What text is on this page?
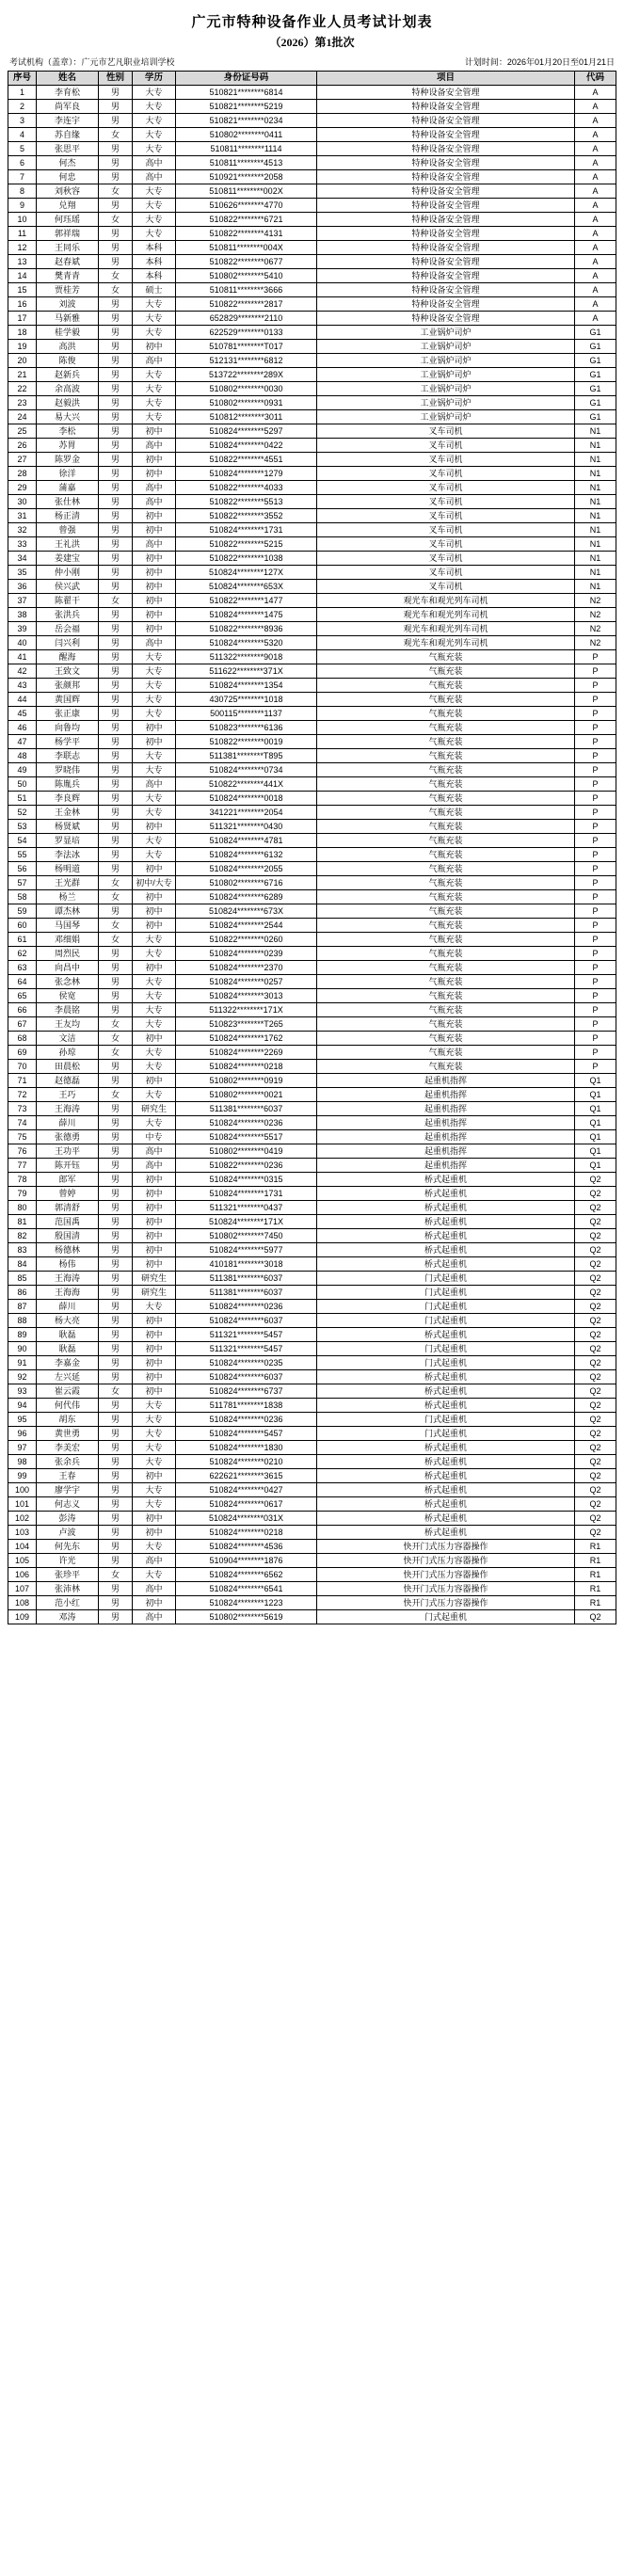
广元市特种设备作业人员考试计划表
（2026）第1批次
考试机构（盖章）：广元市艺凡职业培训学校	计划时间：2026年01月20日至01月21日
序号	姓名	性别	学历	身份证号码	项目	代码
1	李育松	男	大专	510821********6814	特种设备安全管理	A
2	尚军良	男	大专	510821********5219	特种设备安全管理	A
3	李连宇	男	大专	510821********0234	特种设备安全管理	A
4	苏自缘	女	大专	510802********0411	特种设备安全管理	A
5	张思平	男	大专	510811********1114	特种设备安全管理	A
6	何杰	男	高中	510811********4513	特种设备安全管理	A
7	何忠	男	高中	510921********2058	特种设备安全管理	A
8	刘秋容	女	大专	510811********002X	特种设备安全管理	A
9	兑翔	男	大专	510626********4770	特种设备安全管理	A
10	何珏瑶	女	大专	510822********6721	特种设备安全管理	A
11	郭祥瑞	男	大专	510822********4131	特种设备安全管理	A
12	王同乐	男	本科	510811********004X	特种设备安全管理	A
13	赵春斌	男	本科	510822********0677	特种设备安全管理	A
14	樊青青	女	本科	510802********5410	特种设备安全管理	A
15	贾桂芳	女	硕士	510811********3666	特种设备安全管理	A
16	刘波	男	大专	510822********2817	特种设备安全管理	A
17	马新雅	男	大专	652829********2110	特种设备安全管理	A
18	桂学毅	男	大专	622529********0133	工业锅炉司炉	G1
19	高洪	男	初中	510781********T017	工业锅炉司炉	G1
20	陈俊	男	高中	512131********6812	工业锅炉司炉	G1
21	赵新兵	男	大专	513722********289X	工业锅炉司炉	G1
22	余高波	男	大专	510802********0030	工业锅炉司炉	G1
23	赵毅洪	男	大专	510802********0931	工业锅炉司炉	G1
24	易大兴	男	大专	510812********3011	工业锅炉司炉	G1
25	李松	男	初中	510824********5297	叉车司机	N1
26	苏胃	男	高中	510824********0422	叉车司机	N1
27	陈罗金	男	初中	510822********4551	叉车司机	N1
28	徐洋	男	初中	510824********1279	叉车司机	N1
29	蒲嘉	男	高中	510822********4033	叉车司机	N1
30	张仕林	男	高中	510822********5513	叉车司机	N1
31	杨正清	男	初中	510822********3552	叉车司机	N1
32	曾强	男	初中	510824********1731	叉车司机	N1
33	王礼洪	男	高中	510822********5215	叉车司机	N1
34	姜建宝	男	初中	510822********1038	叉车司机	N1
35	仲小刚	男	初中	510824********127X	叉车司机	N1
36	侯兴武	男	初中	510824********653X	叉车司机	N1
37	陈翟干	女	初中	510822********1477	观光车和观光列车司机	N2
38	张洪兵	男	初中	510824********1475	观光车和观光列车司机	N2
39	岳会福	男	初中	510822********8936	观光车和观光列车司机	N2
40	闫兴利	男	高中	510824********5320	观光车和观光列车司机	N2
41	醒海	男	大专	511322********9018	气瓶充装	P
42	王致文	男	大专	511622********371X	气瓶充装	P
43	张颜邦	男	大专	510824********1354	气瓶充装	P
44	黄国辉	男	大专	430725********1018	气瓶充装	P
45	张正康	男	大专	500115********1137	气瓶充装	P
46	向鲁均	男	初中	510823********6136	气瓶充装	P
47	杨学平	男	初中	510822********0019	气瓶充装	P
48	李联志	男	大专	511381********T895	气瓶充装	P
49	罗晓伟	男	大专	510824********0734	气瓶充装	P
50	陈胤兵	男	高中	510822********441X	气瓶充装	P
51	李良辉	男	大专	510824********0018	气瓶充装	P
52	王金林	男	大专	341221********2054	气瓶充装	P
53	杨贤斌	男	初中	511321********0430	气瓶充装	P
54	罗显培	男	大专	510824********4781	气瓶充装	P
55	李法冰	男	大专	510824********6132	气瓶充装	P
56	杨明道	男	初中	510824********2055	气瓶充装	P
57	王光群	女	初中/大专	510802********6716	气瓶充装	P
58	杨兰	女	初中	510824********6289	气瓶充装	P
59	谭杰林	男	初中	510824********673X	气瓶充装	P
60	马国琴	女	初中	510824********2544	气瓶充装	P
61	邓细娟	女	大专	510822********0260	气瓶充装	P
62	周烈民	男	大专	510824********0239	气瓶充装	P
63	向昌中	男	初中	510824********2370	气瓶充装	P
64	张念林	男	大专	510824********0257	气瓶充装	P
65	侯宽	男	大专	510824********3013	气瓶充装	P
66	李晨铭	男	大专	511322********171X	气瓶充装	P
67	王友均	女	大专	510823********T265	气瓶充装	P
68	文洁	女	初中	510824********1762	气瓶充装	P
69	孙琼	女	大专	510824********2269	气瓶充装	P
70	田晨松	男	大专	510824********0218	气瓶充装	P
71	赵德磊	男	初中	510802********0919	起重机指挥	Q1
72	王巧	女	大专	510802********0021	起重机指挥	Q1
73	王海涛	男	研究生	511381********6037	起重机指挥	Q1
74	薛川	男	大专	510824********0236	起重机指挥	Q1
75	张德勇	男	中专	510824********5517	起重机指挥	Q1
76	王功平	男	高中	510802********0419	起重机指挥	Q1
77	陈开钰	男	高中	510822********0236	起重机指挥	Q1
78	郎军	男	初中	510824********0315	桥式起重机	Q2
79	曾婷	男	初中	510824********1731	桥式起重机	Q2
80	郭清舒	男	初中	511321********0437	桥式起重机	Q2
81	范国禹	男	初中	510824********171X	桥式起重机	Q2
82	殷国清	男	初中	510802********7450	桥式起重机	Q2
83	杨德林	男	初中	510824********5977	桥式起重机	Q2
84	杨伟	男	初中	410181********3018	桥式起重机	Q2
85	王海涛	男	研究生	511381********6037	门式起重机	Q2
86	王海海	男	研究生	511381********6037	门式起重机	Q2
87	薛川	男	大专	510824********0236	门式起重机	Q2
88	杨大亮	男	初中	510824********6037	门式起重机	Q2
89	耿磊	男	初中	511321********5457	桥式起重机	Q2
90	耿磊	男	初中	511321********5457	门式起重机	Q2
91	李嘉金	男	初中	510824********0235	门式起重机	Q2
92	左兴延	男	初中	510824********6037	桥式起重机	Q2
93	崔云霞	女	初中	510824********6737	桥式起重机	Q2
94	何代伟	男	大专	511781********1838	桥式起重机	Q2
95	胡东	男	大专	510824********0236	门式起重机	Q2
96	黄世勇	男	大专	510824********5457	门式起重机	Q2
97	李美宏	男	大专	510824********1830	桥式起重机	Q2
98	张余兵	男	大专	510824********0210	桥式起重机	Q2
99	王春	男	初中	622621********3615	桥式起重机	Q2
100	廖学宇	男	大专	510824********0427	桥式起重机	Q2
101	何志义	男	大专	510824********0617	桥式起重机	Q2
102	彭涛	男	初中	510824********031X	桥式起重机	Q2
103	卢波	男	初中	510824********0218	桥式起重机	Q2
104	何先东	男	大专	510824********4536	快开门式压力容器操作	R1
105	许光	男	高中	510904********1876	快开门式压力容器操作	R1
106	张珍平	女	大专	510824********6562	快开门式压力容器操作	R1
107	张沛林	男	高中	510824********6541	快开门式压力容器操作	R1
108	范小红	男	初中	510824********1223	快开门式压力容器操作	R1
109	邓涛	男	高中	510802********5619	门式起重机	Q2
